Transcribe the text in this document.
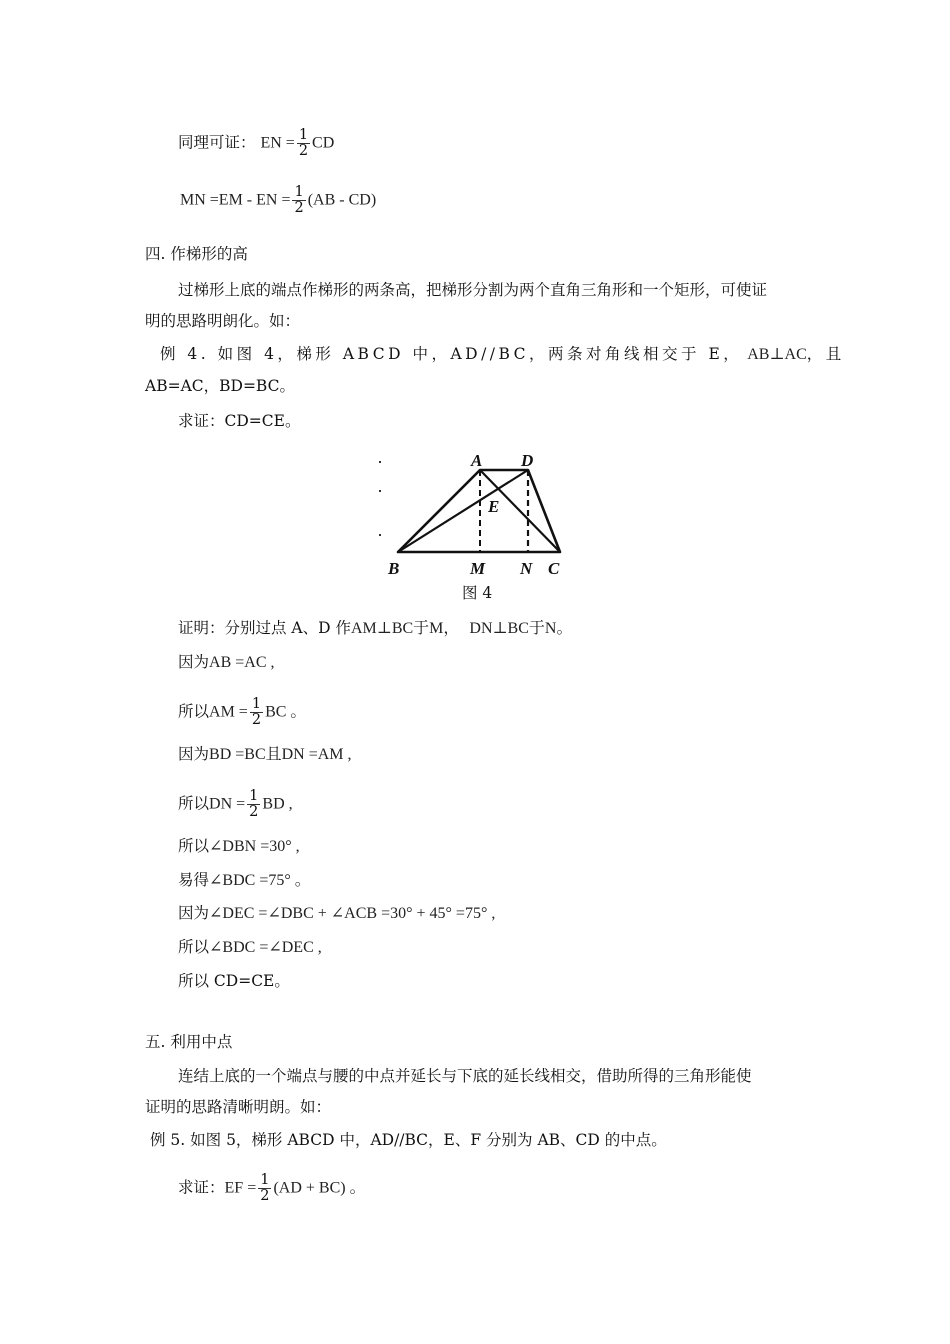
同理可证： EN = $\frac{1}{2}$ CD
MN =EM - EN = $\frac{1}{2} (AB - CD)$
四. 作梯形的高
过梯形上底的端点作梯形的两条高，把梯形分割为两个直角三角形和一个矩形，可使证
明的思路明朗化。如：
例 4. 如图 4，梯形 ABCD 中，AD//BC，两条对角线相交于 E， AB⊥AC，且
AB=AC，BD=BC。
求证：CD=CE。
A D
E
B	M N C
图 4
证明：分别过点 A、D 作AM⊥BC于M， DN⊥BC于N。
因为AB =AC ,
所以AM = $\frac{1}{2}$ BC 。
因为BD =BC且DN =AM ,
所以DN = $\frac{1}{2}$ BD ,
所以∠DBN =30° ,
易得∠BDC =75° 。
因为∠DEC =∠DBC + ∠ACB =30° + 45° =75° ,
所以∠BDC =∠DEC ,
所以 CD=CE。
五. 利用中点
连结上底的一个端点与腰的中点并延长与下底的延长线相交，借助所得的三角形能使
证明的思路清晰明朗。如：
例 5. 如图 5，梯形 ABCD 中，AD//BC，E、F 分别为 AB、CD 的中点。
求证：EF = $\frac{1}{2} (AD + BC)$ 。
